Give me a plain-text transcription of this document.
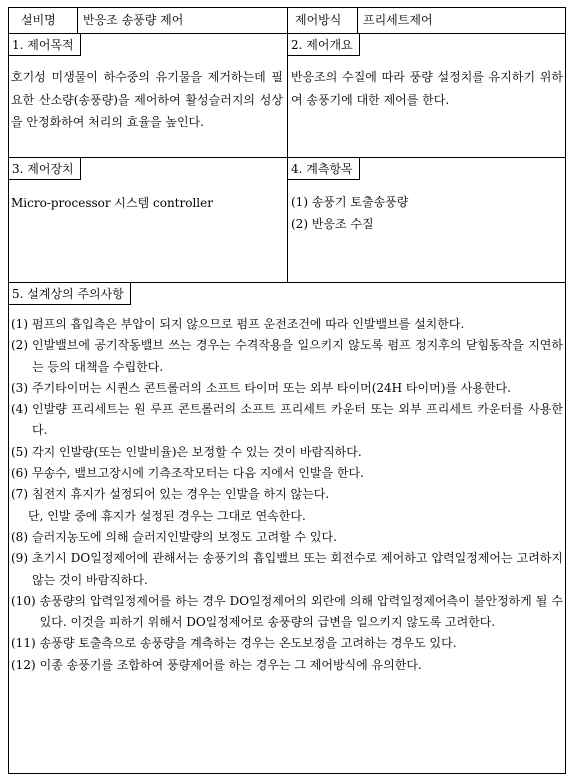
설비명 반응조 송풍량 제어	제어방식 프리세트제어
1. 제어목적
호기성 미생물이 하수중의 유기물을 제거하는데 필요한 산소량(송풍량)을 제어하여 활성슬러지의 성상을 안정화하여 처리의 효율을 높인다.
2. 제어개요
반응조의 수질에 따라 풍량 설정치를 유지하기 위하여 송풍기에 대한 제어를 한다.
3. 제어장치
Micro-processor 시스템 controller
4. 계측항목
(1) 송풍기 토출송풍량
(2) 반응조 수질
5. 설계상의 주의사항
(1) 펌프의 흡입측은 부압이 되지 않으므로 펌프 운전조건에 따라 인발밸브를 설치한다.
(2) 인발밸브에 공기작동밸브 쓰는 경우는 수격작용을 일으키지 않도록 펌프 정지후의 닫힘동작을 지연하는 등의 대책을 수립한다.
(3) 주기타이머는 시퀀스 콘트롤러의 소프트 타이머 또는 외부 타이머(24H 타이머)를 사용한다.
(4) 인발량 프리세트는 원 루프 콘트롤러의 소프트 프리세트 카운터 또는 외부 프리세트 카운터를 사용한다.
(5) 각지 인발량(또는 인발비율)은 보정할 수 있는 것이 바람직하다.
(6) 무송수, 밸브고장시에 기측조작모터는 다음 지에서 인발을 한다.
(7) 침전지 휴지가 설정되어 있는 경우는 인발을 하지 않는다.
단, 인발 중에 휴지가 설정된 경우는 그대로 연속한다.
(8) 슬러지농도에 의해 슬러지인발량의 보정도 고려할 수 있다.
(9) 초기시 DO일정제어에 관해서는 송풍기의 흡입밸브 또는 회전수로 제어하고 압력일정제어는 고려하지 않는 것이 바람직하다.
(10) 송풍량의 압력일정제어를 하는 경우 DO일정제어의 외란에 의해 압력일정제어측이 불안정하게 될 수 있다. 이것을 피하기 위해서 DO일정제어로 송풍량의 급변을 일으키지 않도록 고려한다.
(11) 송풍량 토출측으로 송풍량을 계측하는 경우는 온도보정을 고려하는 경우도 있다.
(12) 이종 송풍기를 조합하여 풍량제어를 하는 경우는 그 제어방식에 유의한다.
